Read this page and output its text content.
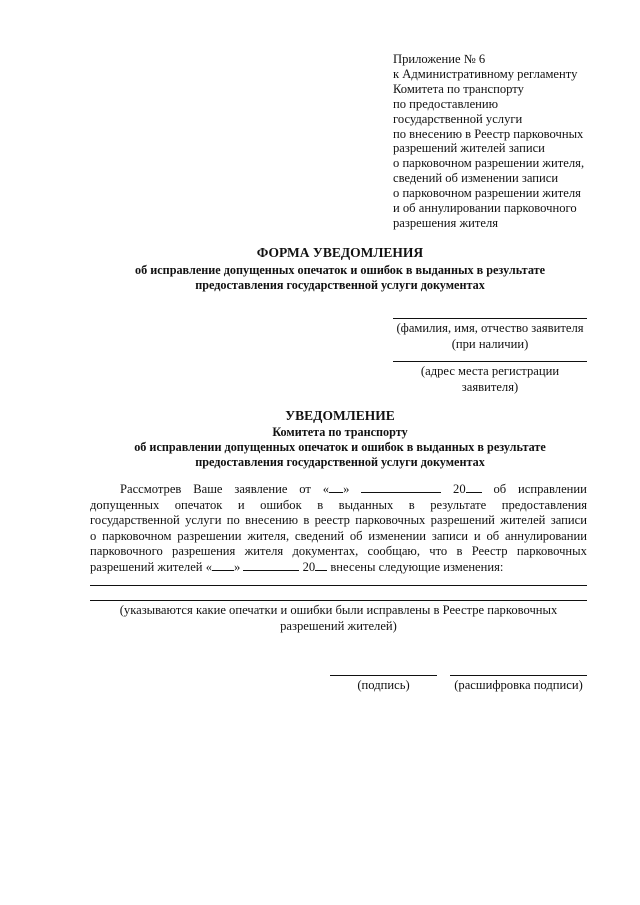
Приложение № 6
к Административному регламенту
Комитета по транспорту
по предоставлению
государственной услуги
по внесению в Реестр парковочных
разрешений жителей записи
о парковочном разрешении жителя,
сведений об изменении записи
о парковочном разрешении жителя
и об аннулировании парковочного
разрешения жителя
ФОРМА УВЕДОМЛЕНИЯ
об исправление допущенных опечаток и ошибок в выданных в результате
предоставления государственной услуги документах
(фамилия, имя, отчество заявителя
(при наличии)
(адрес места регистрации
заявителя)
УВЕДОМЛЕНИЕ
Комитета по транспорту
об исправлении допущенных опечаток и ошибок в выданных в результате
предоставления государственной услуги документах
Рассмотрев Ваше заявление от « »	20	об исправлении
допущенных опечаток и ошибок в выданных в результате предоставления
государственной услуги по внесению в реестр парковочных разрешений жителей записи
о парковочном разрешении жителя, сведений об изменении записи и об аннулировании
парковочного разрешения жителя документах, сообщаю, что в Реестр парковочных
разрешений жителей « »

	20
внесены следующие изменения:
(указываются какие опечатки и ошибки были исправлены в Реестре парковочных
разрешений жителей)
(подпись)	(расшифровка подписи)
